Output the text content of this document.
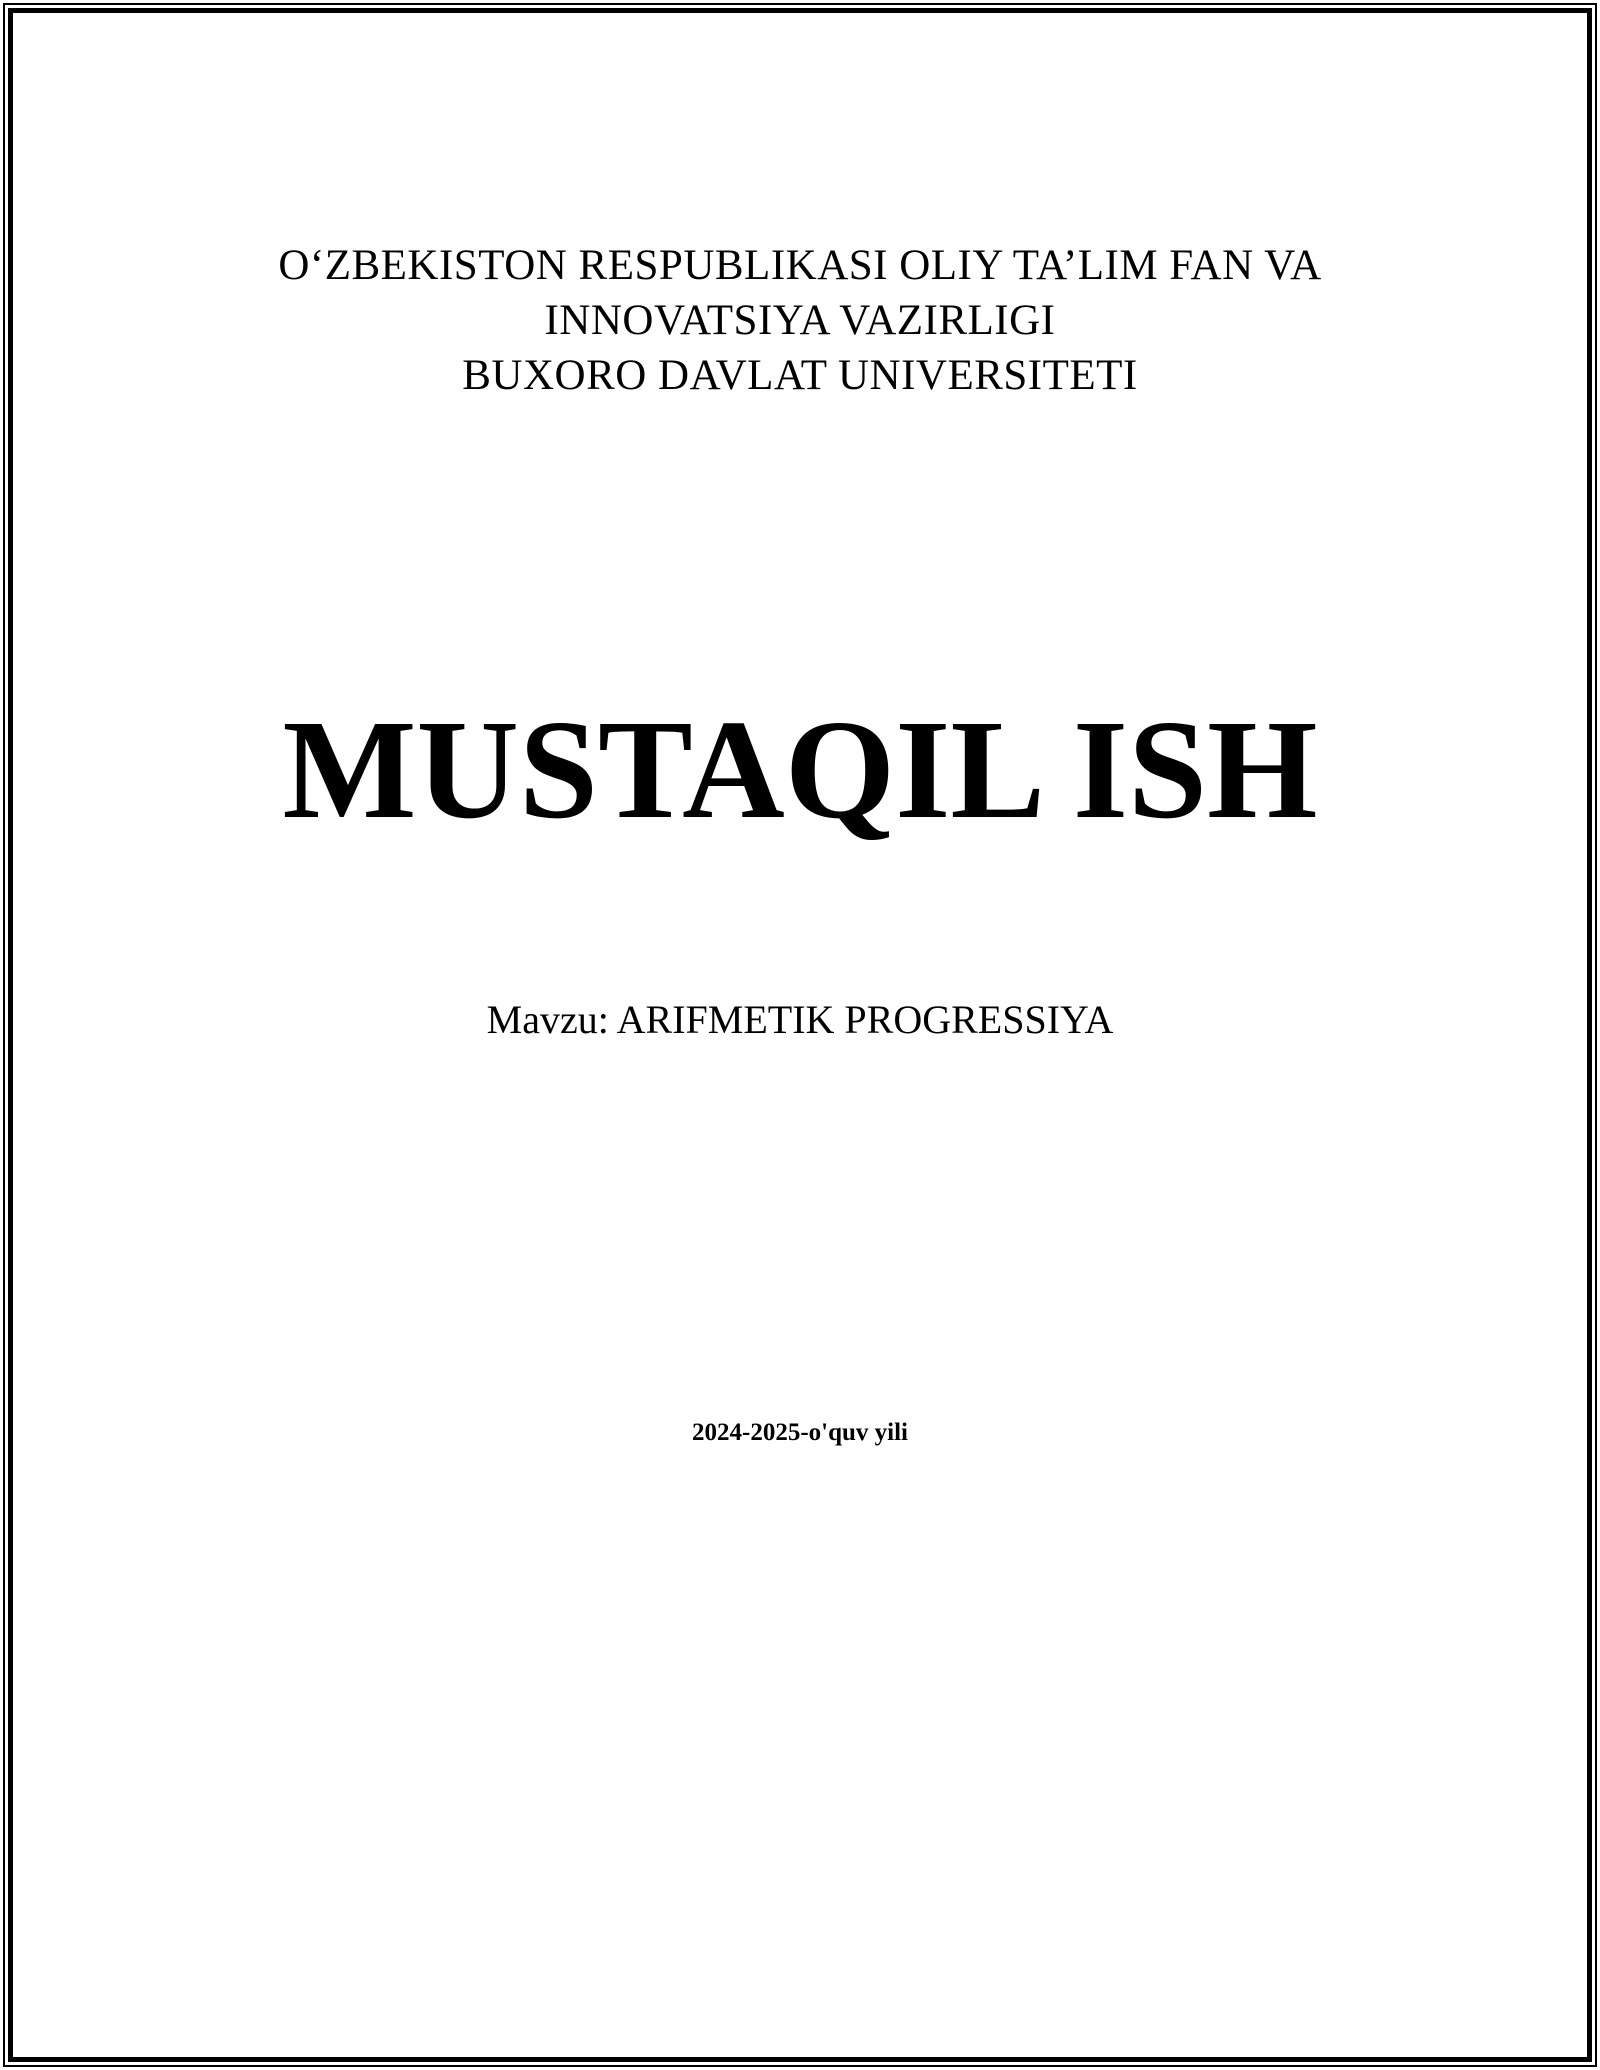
O‘ZBEKISTON RESPUBLIKASI OLIY TA’LIM FAN VA
INNOVATSIYA VAZIRLIGI
BUXORO DAVLAT UNIVERSITETI
MUSTAQIL ISH
Mavzu: ARIFMETIK PROGRESSIYA
2024-2025-o'quv yili
